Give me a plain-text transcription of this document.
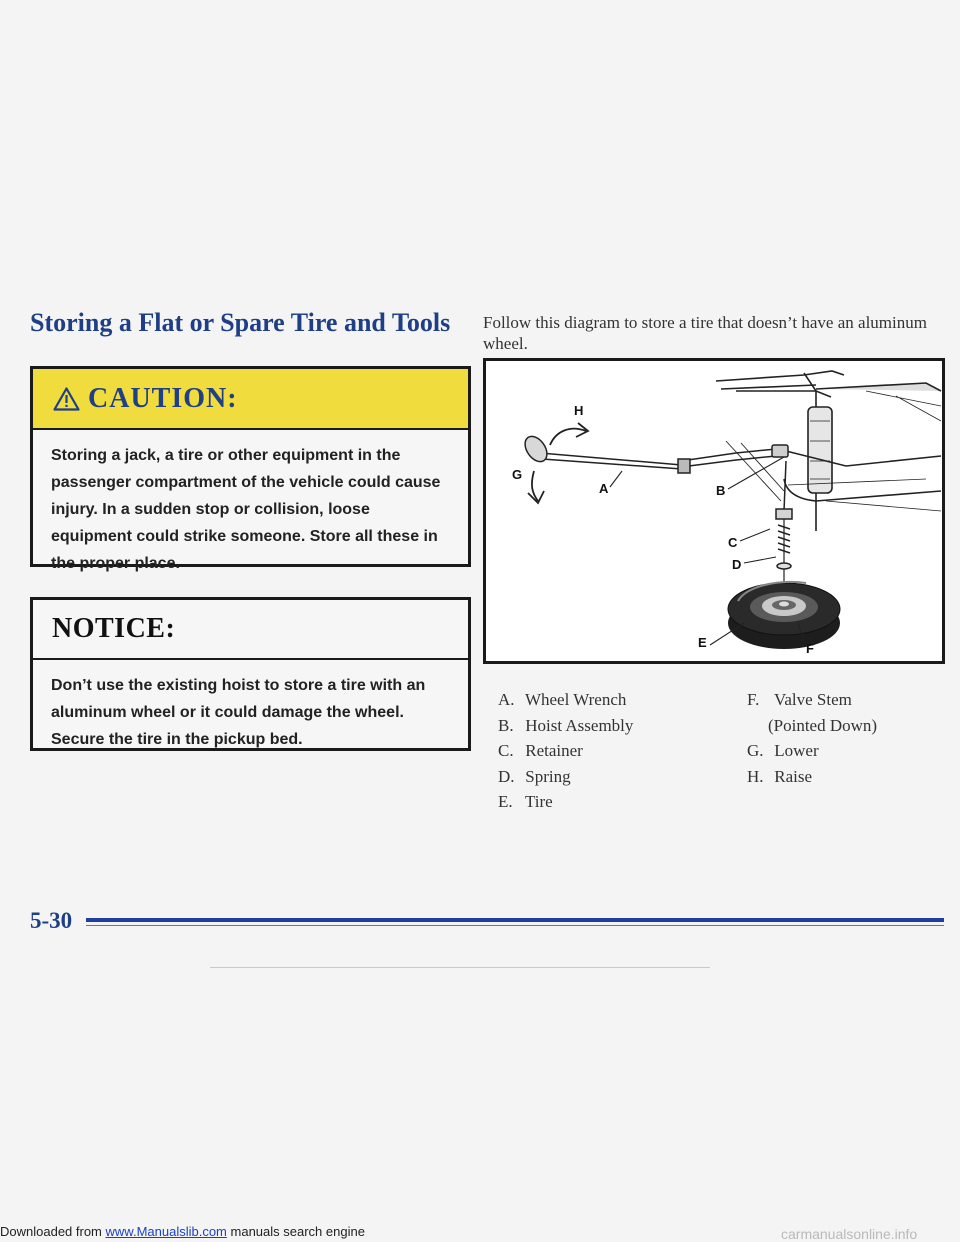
Storing a Flat or Spare Tire and Tools
CAUTION:
Storing a jack, a tire or other equipment in the passenger compartment of the vehicle could cause injury. In a sudden stop or collision, loose equipment could strike someone. Store all these in the proper place.
NOTICE:
Don’t use the existing hoist to store a tire with an aluminum wheel or it could damage the wheel. Secure the tire in the pickup bed.

Follow this diagram to store a tire that doesn’t have an aluminum wheel.

H
G
A	B
C
D
E	F
A. Wheel Wrench
B. Hoist Assembly
C. Retainer
D. Spring
E. Tire
F. Valve Stem
(Pointed Down)
G. Lower
H. Raise

5-30

Downloaded from www.Manualslib.com manuals search engine	carmanualsonline.info
